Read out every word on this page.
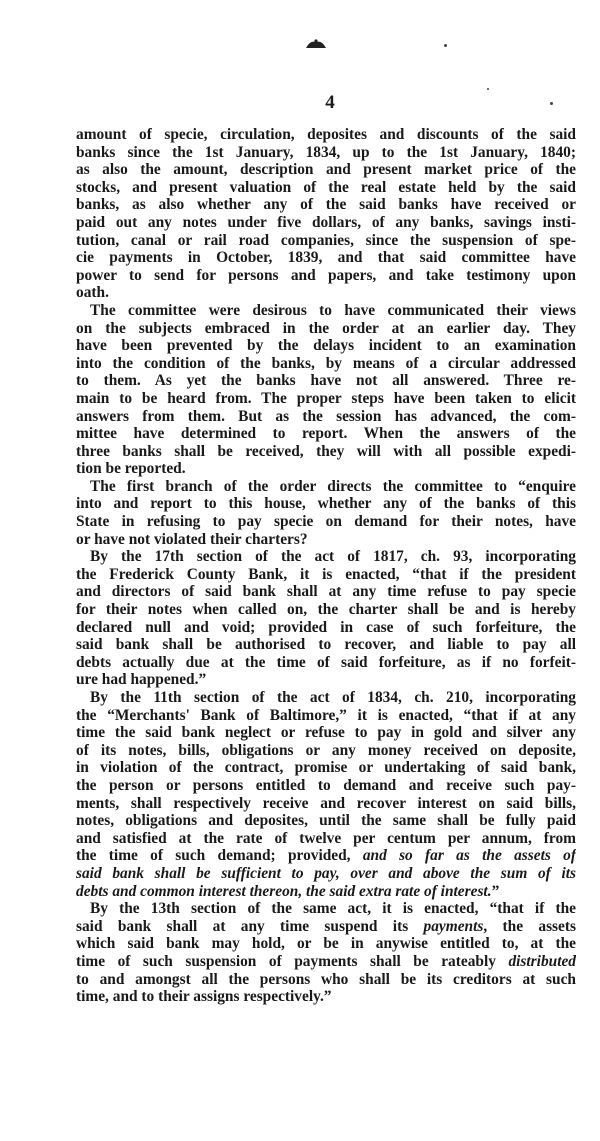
4
amount of specie, circulation, deposites and discounts of the said
banks since the 1st January, 1834, up to the 1st January, 1840;
as also the amount, description and present market price of the
stocks, and present valuation of the real estate held by the said
banks, as also whether any of the said banks have received or
paid out any notes under five dollars, of any banks, savings insti-
tution, canal or rail road companies, since the suspension of spe-
cie payments in October, 1839, and that said committee have
power to send for persons and papers, and take testimony upon
oath.
The committee were desirous to have communicated their views
on the subjects embraced in the order at an earlier day. They
have been prevented by the delays incident to an examination
into the condition of the banks, by means of a circular addressed
to them. As yet the banks have not all answered. Three re-
main to be heard from. The proper steps have been taken to elicit
answers from them. But as the session has advanced, the com-
mittee have determined to report. When the answers of the
three banks shall be received, they will with all possible expedi-
tion be reported.
The first branch of the order directs the committee to “enquire
into and report to this house, whether any of the banks of this
State in refusing to pay specie on demand for their notes, have
or have not violated their charters?
By the 17th section of the act of 1817, ch. 93, incorporating
the Frederick County Bank, it is enacted, “that if the president
and directors of said bank shall at any time refuse to pay specie
for their notes when called on, the charter shall be and is hereby
declared null and void; provided in case of such forfeiture, the
said bank shall be authorised to recover, and liable to pay all
debts actually due at the time of said forfeiture, as if no forfeit-
ure had happened.”
By the 11th section of the act of 1834, ch. 210, incorporating
the “Merchants' Bank of Baltimore,” it is enacted, “that if at any
time the said bank neglect or refuse to pay in gold and silver any
of its notes, bills, obligations or any money received on deposite,
in violation of the contract, promise or undertaking of said bank,
the person or persons entitled to demand and receive such pay-
ments, shall respectively receive and recover interest on said bills,
notes, obligations and deposites, until the same shall be fully paid
and satisfied at the rate of twelve per centum per annum, from
the time of such demand; provided, and so far as the assets of
said bank shall be sufficient to pay, over and above the sum of its
debts and common interest thereon, the said extra rate of interest.”
By the 13th section of the same act, it is enacted, “that if the
said bank shall at any time suspend its payments, the assets
which said bank may hold, or be in anywise entitled to, at the
time of such suspension of payments shall be rateably distributed
to and amongst all the persons who shall be its creditors at such
time, and to their assigns respectively.”
